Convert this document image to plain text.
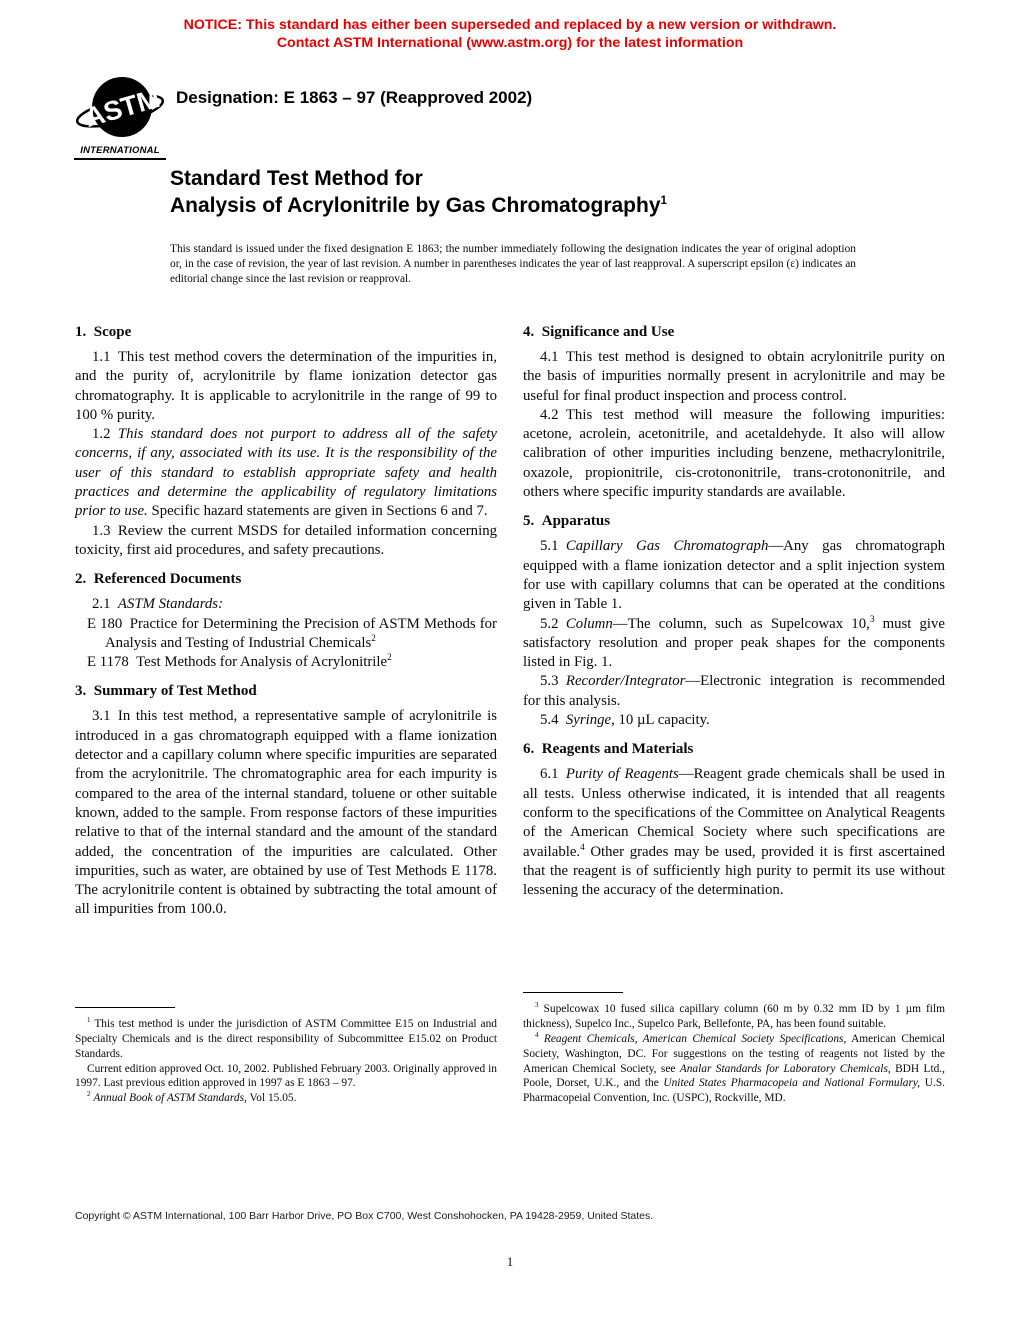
NOTICE: This standard has either been superseded and replaced by a new version or withdrawn.
Contact ASTM International (www.astm.org) for the latest information
ASTM
INTERNATIONAL
Designation: E 1863 – 97 (Reapproved 2002)
Standard Test Method for
Analysis of Acrylonitrile by Gas Chromatography$^1$
This standard is issued under the fixed designation E 1863; the number immediately following the designation indicates the year of original adoption or, in the case of revision, the year of last revision. A number in parentheses indicates the year of last reapproval. A superscript epsilon (ε) indicates an editorial change since the last revision or reapproval.
1. Scope

1.1 This test method covers the determination of the impurities in, and the purity of, acrylonitrile by flame ionization detector gas chromatography. It is applicable to acrylonitrile in the range of 99 to 100 % purity.

1.2 This standard does not purport to address all of the safety concerns, if any, associated with its use. It is the responsibility of the user of this standard to establish appropriate safety and health practices and determine the applicability of regulatory limitations prior to use. Specific hazard statements are given in Sections 6 and 7.

1.3 Review the current MSDS for detailed information concerning toxicity, first aid procedures, and safety precautions.

2. Referenced Documents

2.1 ASTM Standards:

E 180 Practice for Determining the Precision of ASTM Methods for Analysis and Testing of Industrial Chemicals$^2$

E 1178 Test Methods for Analysis of Acrylonitrile$^2$

3. Summary of Test Method

3.1 In this test method, a representative sample of acrylonitrile is introduced in a gas chromatograph equipped with a flame ionization detector and a capillary column where specific impurities are separated from the acrylonitrile. The chromatographic area for each impurity is compared to the area of the internal standard, toluene or other suitable known, added to the sample. From response factors of these impurities relative to that of the internal standard and the amount of the standard added, the concentration of the impurities are calculated. Other impurities, such as water, are obtained by use of Test Methods E 1178. The acrylonitrile content is obtained by subtracting the total amount of all impurities from 100.0.

$^1$ This test method is under the jurisdiction of ASTM Committee E15 on Industrial and Specialty Chemicals and is the direct responsibility of Subcommittee E15.02 on Product Standards.

Current edition approved Oct. 10, 2002. Published February 2003. Originally approved in 1997. Last previous edition approved in 1997 as E 1863 – 97.

$^2$ Annual Book of ASTM Standards, Vol 15.05.

4. Significance and Use

4.1 This test method is designed to obtain acrylonitrile purity on the basis of impurities normally present in acrylonitrile and may be useful for final product inspection and process control.

4.2 This test method will measure the following impurities: acetone, acrolein, acetonitrile, and acetaldehyde. It also will allow calibration of other impurities including benzene, methacrylonitrile, oxazole, propionitrile, cis-crotononitrile, trans-crotononitrile, and others where specific impurity standards are available.

5. Apparatus

5.1 Capillary Gas Chromatograph—Any gas chromatograph equipped with a flame ionization detector and a split injection system for use with capillary columns that can be operated at the conditions given in Table 1.

5.2 Column—The column, such as Supelcowax 10,$^3$ must give satisfactory resolution and proper peak shapes for the components listed in Fig. 1.

5.3 Recorder/Integrator—Electronic integration is recommended for this analysis.

5.4 Syringe, 10 µL capacity.

6. Reagents and Materials

6.1 Purity of Reagents—Reagent grade chemicals shall be used in all tests. Unless otherwise indicated, it is intended that all reagents conform to the specifications of the Committee on Analytical Reagents of the American Chemical Society where such specifications are available.$^4$ Other grades may be used, provided it is first ascertained that the reagent is of sufficiently high purity to permit its use without lessening the accuracy of the determination.

$^3$ Supelcowax 10 fused silica capillary column (60 m by 0.32 mm ID by 1 µm film thickness), Supelco Inc., Supelco Park, Bellefonte, PA, has been found suitable.

$^4$ Reagent Chemicals, American Chemical Society Specifications, American Chemical Society, Washington, DC. For suggestions on the testing of reagents not listed by the American Chemical Society, see Analar Standards for Laboratory Chemicals, BDH Ltd., Poole, Dorset, U.K., and the United States Pharmacopeia and National Formulary, U.S. Pharmacopeial Convention, Inc. (USPC), Rockville, MD.

Copyright © ASTM International, 100 Barr Harbor Drive, PO Box C700, West Conshohocken, PA 19428-2959, United States.
1
